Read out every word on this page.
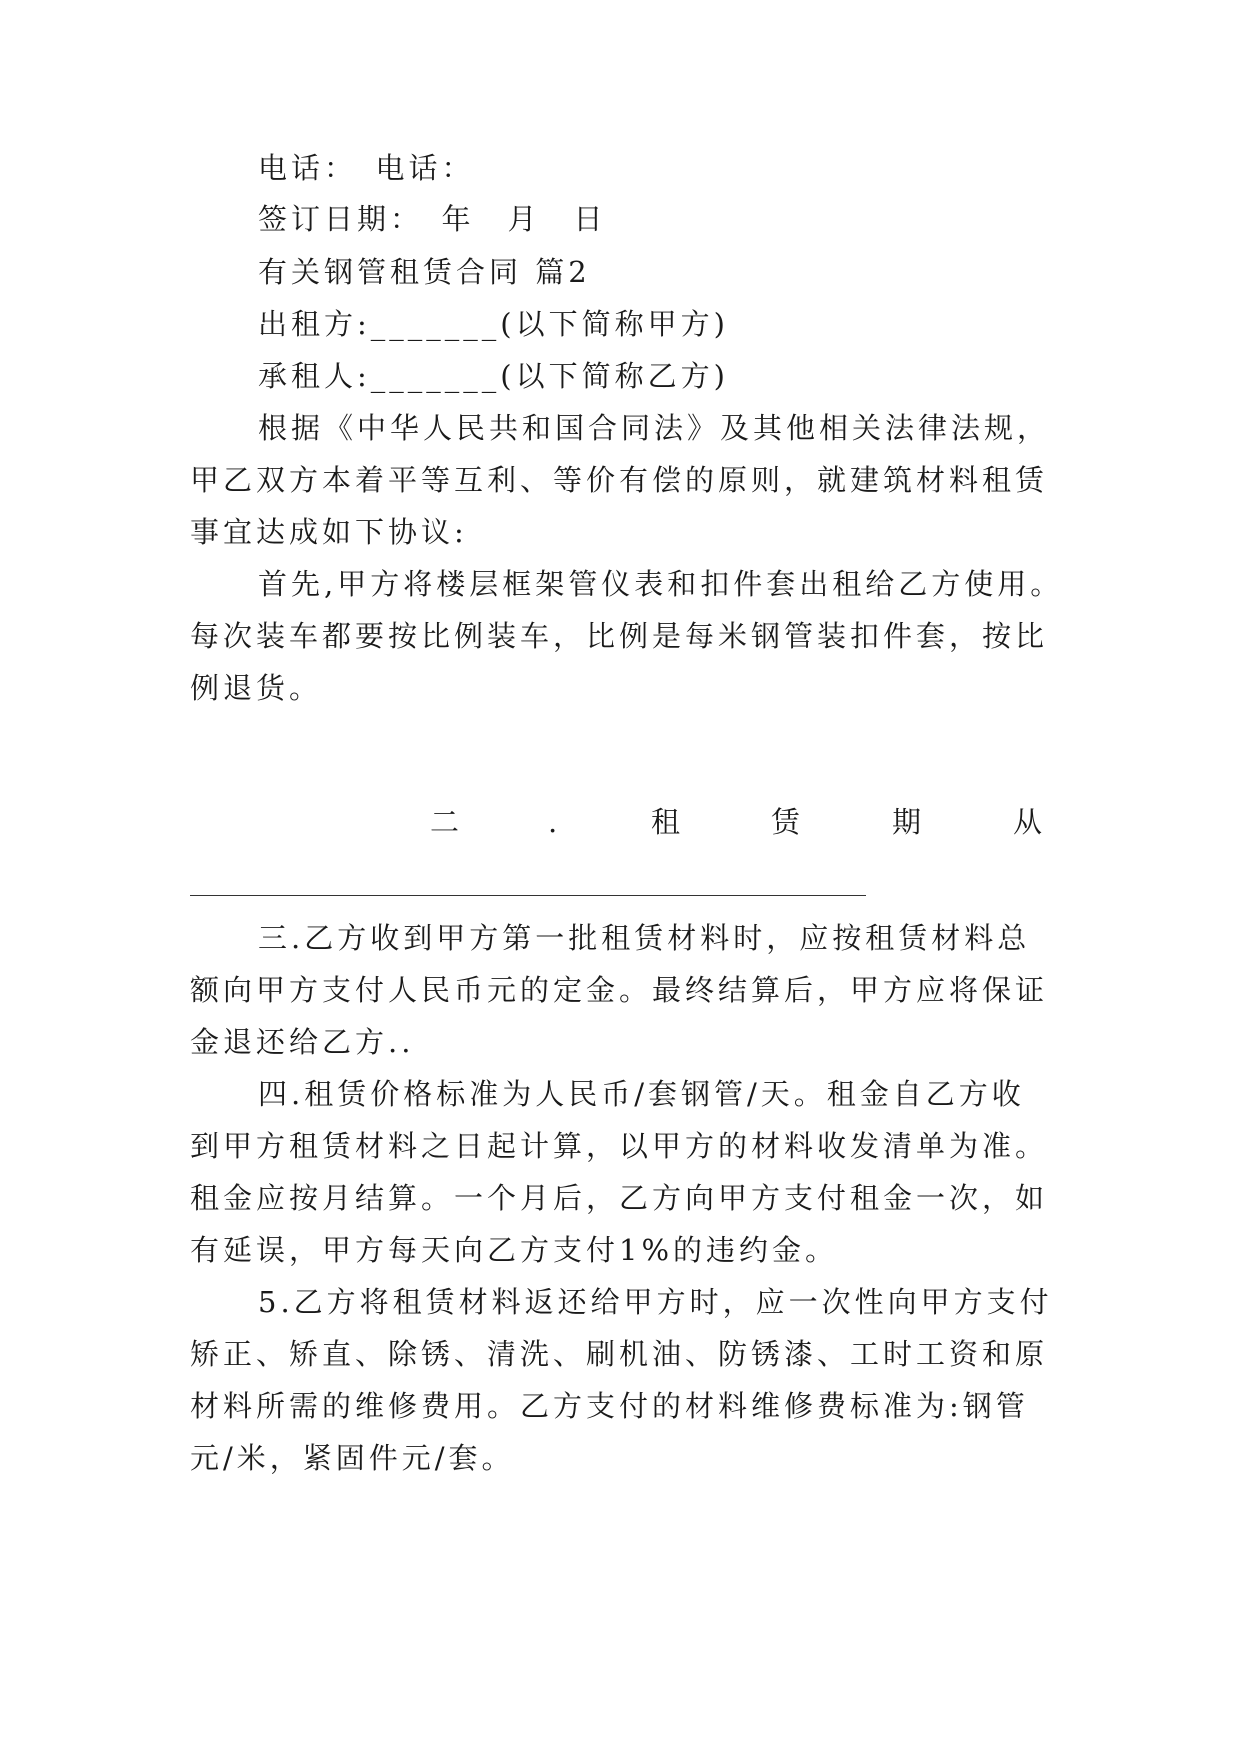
电话：　电话：
签订日期：　年　月　日
有关钢管租赁合同 篇2
出租方:_______(以下简称甲方)
承租人:_______(以下简称乙方)
根据《中华人民共和国合同法》及其他相关法律法规，
甲乙双方本着平等互利、等价有偿的原则，就建筑材料租赁
事宜达成如下协议:
首先,甲方将楼层框架管仪表和扣件套出租给乙方使用。
每次装车都要按比例装车，比例是每米钢管装扣件套，按比
例退货。
二	.	租	赁	期	从
三.乙方收到甲方第一批租赁材料时，应按租赁材料总
额向甲方支付人民币元的定金。最终结算后，甲方应将保证
金退还给乙方..
四.租赁价格标准为人民币/套钢管/天。租金自乙方收
到甲方租赁材料之日起计算，以甲方的材料收发清单为准。
租金应按月结算。一个月后，乙方向甲方支付租金一次，如
有延误，甲方每天向乙方支付1%的违约金。
5.乙方将租赁材料返还给甲方时，应一次性向甲方支付
矫正、矫直、除锈、清洗、刷机油、防锈漆、工时工资和原
材料所需的维修费用。乙方支付的材料维修费标准为:钢管
元/米，紧固件元/套。
